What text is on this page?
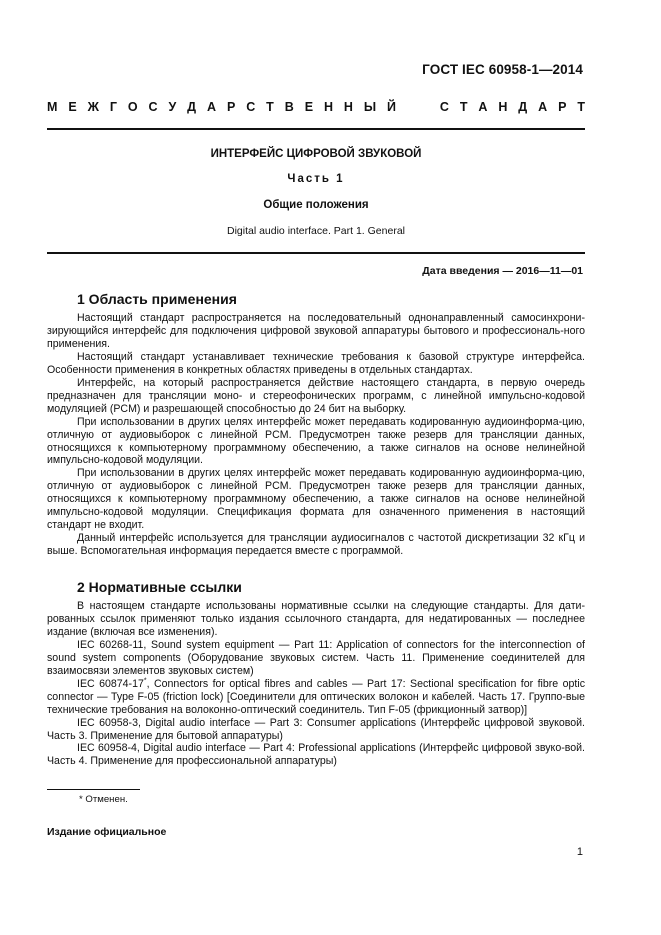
ГОСТ IEC 60958-1—2014
М Е Ж Г О С У Д А Р С Т В Е Н Н Ы Й	С Т А Н Д А Р Т
ИНТЕРФЕЙС ЦИФРОВОЙ ЗВУКОВОЙ
Часть 1
Общие положения
Digital audio interface. Part 1. General
Дата введения — 2016—11—01
1 Область применения

Настоящий стандарт распространяется на последовательный однонаправленный самосинхрони-зирующийся интерфейс для подключения цифровой звуковой аппаратуры бытового и профессиональ-ного применения.

Настоящий стандарт устанавливает технические требования к базовой структуре интерфейса. Особенности применения в конкретных областях приведены в отдельных стандартах.

Интерфейс, на который распространяется действие настоящего стандарта, в первую очередь предназначен для трансляции моно- и стереофонических программ, с линейной импульсно-кодовой модуляцией (PCM) и разрешающей способностью до 24 бит на выборку.

При использовании в других целях интерфейс может передавать кодированную аудиоинформа-цию, отличную от аудиовыборок с линейной PCM. Предусмотрен также резерв для трансляции данных, относящихся к компьютерному программному обеспечению, а также сигналов на основе нелинейной импульсно-кодовой модуляции.

При использовании в других целях интерфейс может передавать кодированную аудиоинформа-цию, отличную от аудиовыборок с линейной PCM. Предусмотрен также резерв для трансляции данных, относящихся к компьютерному программному обеспечению, а также сигналов на основе нелинейной импульсно-кодовой модуляции. Спецификация формата для означенного применения в настоящий стандарт не входит.

Данный интерфейс используется для трансляции аудиосигналов с частотой дискретизации 32 кГц и выше. Вспомогательная информация передается вместе с программой.

2 Нормативные ссылки

В настоящем стандарте использованы нормативные ссылки на следующие стандарты. Для дати-рованных ссылок применяют только издания ссылочного стандарта, для недатированных — последнее издание (включая все изменения).

IEC 60268-11, Sound system equipment — Part 11: Application of connectors for the interconnection of sound system components (Оборудование звуковых систем. Часть 11. Применение соединителей для взаимосвязи элементов звуковых систем)

IEC 60874-17*, Connectors for optical fibres and cables — Part 17: Sectional specification for fibre optic connector — Type F-05 (friction lock) [Соединители для оптических волокон и кабелей. Часть 17. Группо-вые технические требования на волоконно-оптический соединитель. Тип F-05 (фрикционный затвор)]

IEC 60958-3, Digital audio interface — Part 3: Consumer applications (Интерфейс цифровой звуковой. Часть 3. Применение для бытовой аппаратуры)

IEC 60958-4, Digital audio interface — Part 4: Professional applications (Интерфейс цифровой звуко-вой. Часть 4. Применение для профессиональной аппаратуры)

* Отменен.
Издание официальное
1
